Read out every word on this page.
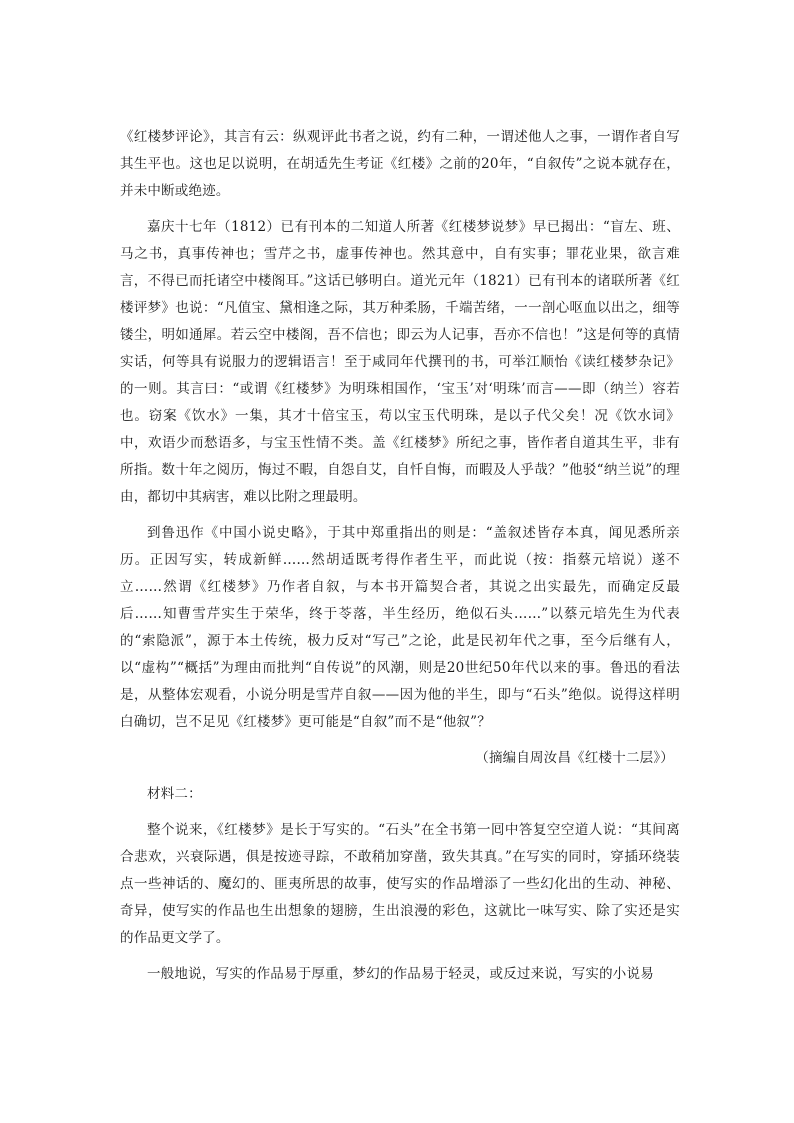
《红楼梦评论》，其言有云：纵观评此书者之说，约有二种，一谓述他人之事，一谓作者自写其生平也。这也足以说明，在胡适先生考证《红楼》之前的20年，“自叙传”之说本就存在，并未中断或绝迹。

嘉庆十七年（1812）已有刊本的二知道人所著《红楼梦说梦》早已揭出：“盲左、班、马之书，真事传神也；雪芹之书，虚事传神也。然其意中，自有实事；罪花业果，欲言难言，不得已而托诸空中楼阁耳。”这话已够明白。道光元年（1821）已有刊本的诸联所著《红楼评梦》也说：“凡值宝、黛相逢之际，其万种柔肠，千端苦绪，一一剖心呕血以出之，细等镂尘，明如通犀。若云空中楼阁，吾不信也；即云为人记事，吾亦不信也！”这是何等的真情实话，何等具有说服力的逻辑语言！至于咸同年代撰刊的书，可举江顺怡《读红楼梦杂记》的一则。其言曰：“或谓《红楼梦》为明珠相国作，‘宝玉’对‘明珠’而言——即（纳兰）容若也。窃案《饮水》一集，其才十倍宝玉，苟以宝玉代明珠，是以子代父矣！况《饮水词》中，欢语少而愁语多，与宝玉性情不类。盖《红楼梦》所纪之事，皆作者自道其生平，非有所指。数十年之阅历，悔过不暇，自怨自艾，自忏自悔，而暇及人乎哉？”他驳“纳兰说”的理由，都切中其病害，难以比附之理最明。

到鲁迅作《中国小说史略》，于其中郑重指出的则是：“盖叙述皆存本真，闻见悉所亲历。正因写实，转成新鲜……然胡适既考得作者生平，而此说（按：指蔡元培说）遂不立……然谓《红楼梦》乃作者自叙，与本书开篇契合者，其说之出实最先，而确定反最后……知曹雪芹实生于荣华，终于苓落，半生经历，绝似石头……”以蔡元培先生为代表的“索隐派”，源于本土传统，极力反对“写己”之论，此是民初年代之事，至今后继有人，以“虚构”“概括”为理由而批判“自传说”的风潮，则是20世纪50年代以来的事。鲁迅的看法是，从整体宏观看，小说分明是雪芹自叙——因为他的半生，即与“石头”绝似。说得这样明白确切，岂不足见《红楼梦》更可能是“自叙”而不是“他叙”？

（摘编自周汝昌《红楼十二层》）

材料二：

整个说来，《红楼梦》是长于写实的。“石头”在全书第一囘中答复空空道人说：“其间离合悲欢，兴衰际遇，俱是按迹寻踪，不敢稍加穿凿，致失其真。”在写实的同时，穿插环绕装点一些神话的、魔幻的、匪夷所思的故事，使写实的作品增添了一些幻化出的生动、神秘、奇异，使写实的作品也生出想象的翅膀，生出浪漫的彩色，这就比一味写实、除了实还是实的作品更文学了。

一般地说，写实的作品易于厚重，梦幻的作品易于轻灵，或反过来说，写实的小说易
